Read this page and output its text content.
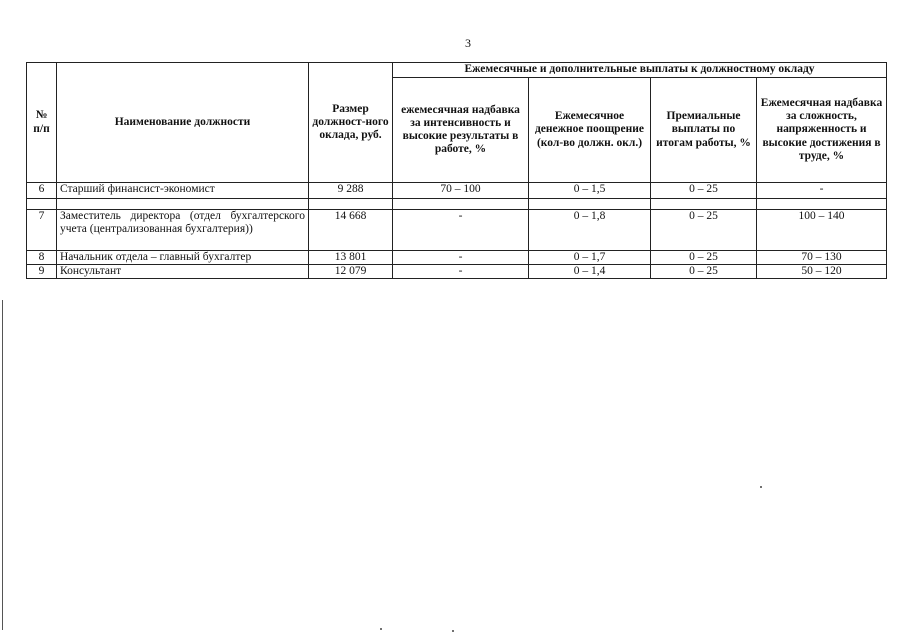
3
№ п/п	Наименование должности	Размер должност-ного оклада, руб.	Ежемесячные и дополнительные выплаты к должностному окладу			
			ежемесячная надбавка за интенсивность и высокие результаты в работе, %	Ежемесячное денежное поощрение (кол-во должн. окл.)	Премиальные выплаты по итогам работы, %	Ежемесячная надбавка за сложность, напряженность и высокие достижения в труде, %
6	Старший финансист-экономист	9 288	70 – 100	0 – 1,5	0 – 25	-

7	Заместитель директора (отдел бухгалтерского учета (централизованная бухгалтерия))	14 668	-	0 – 1,8	0 – 25	100 – 140
8	Начальник отдела – главный бухгалтер	13 801	-	0 – 1,7	0 – 25	70 – 130
9	Консультант	12 079	-	0 – 1,4	0 – 25	50 – 120
